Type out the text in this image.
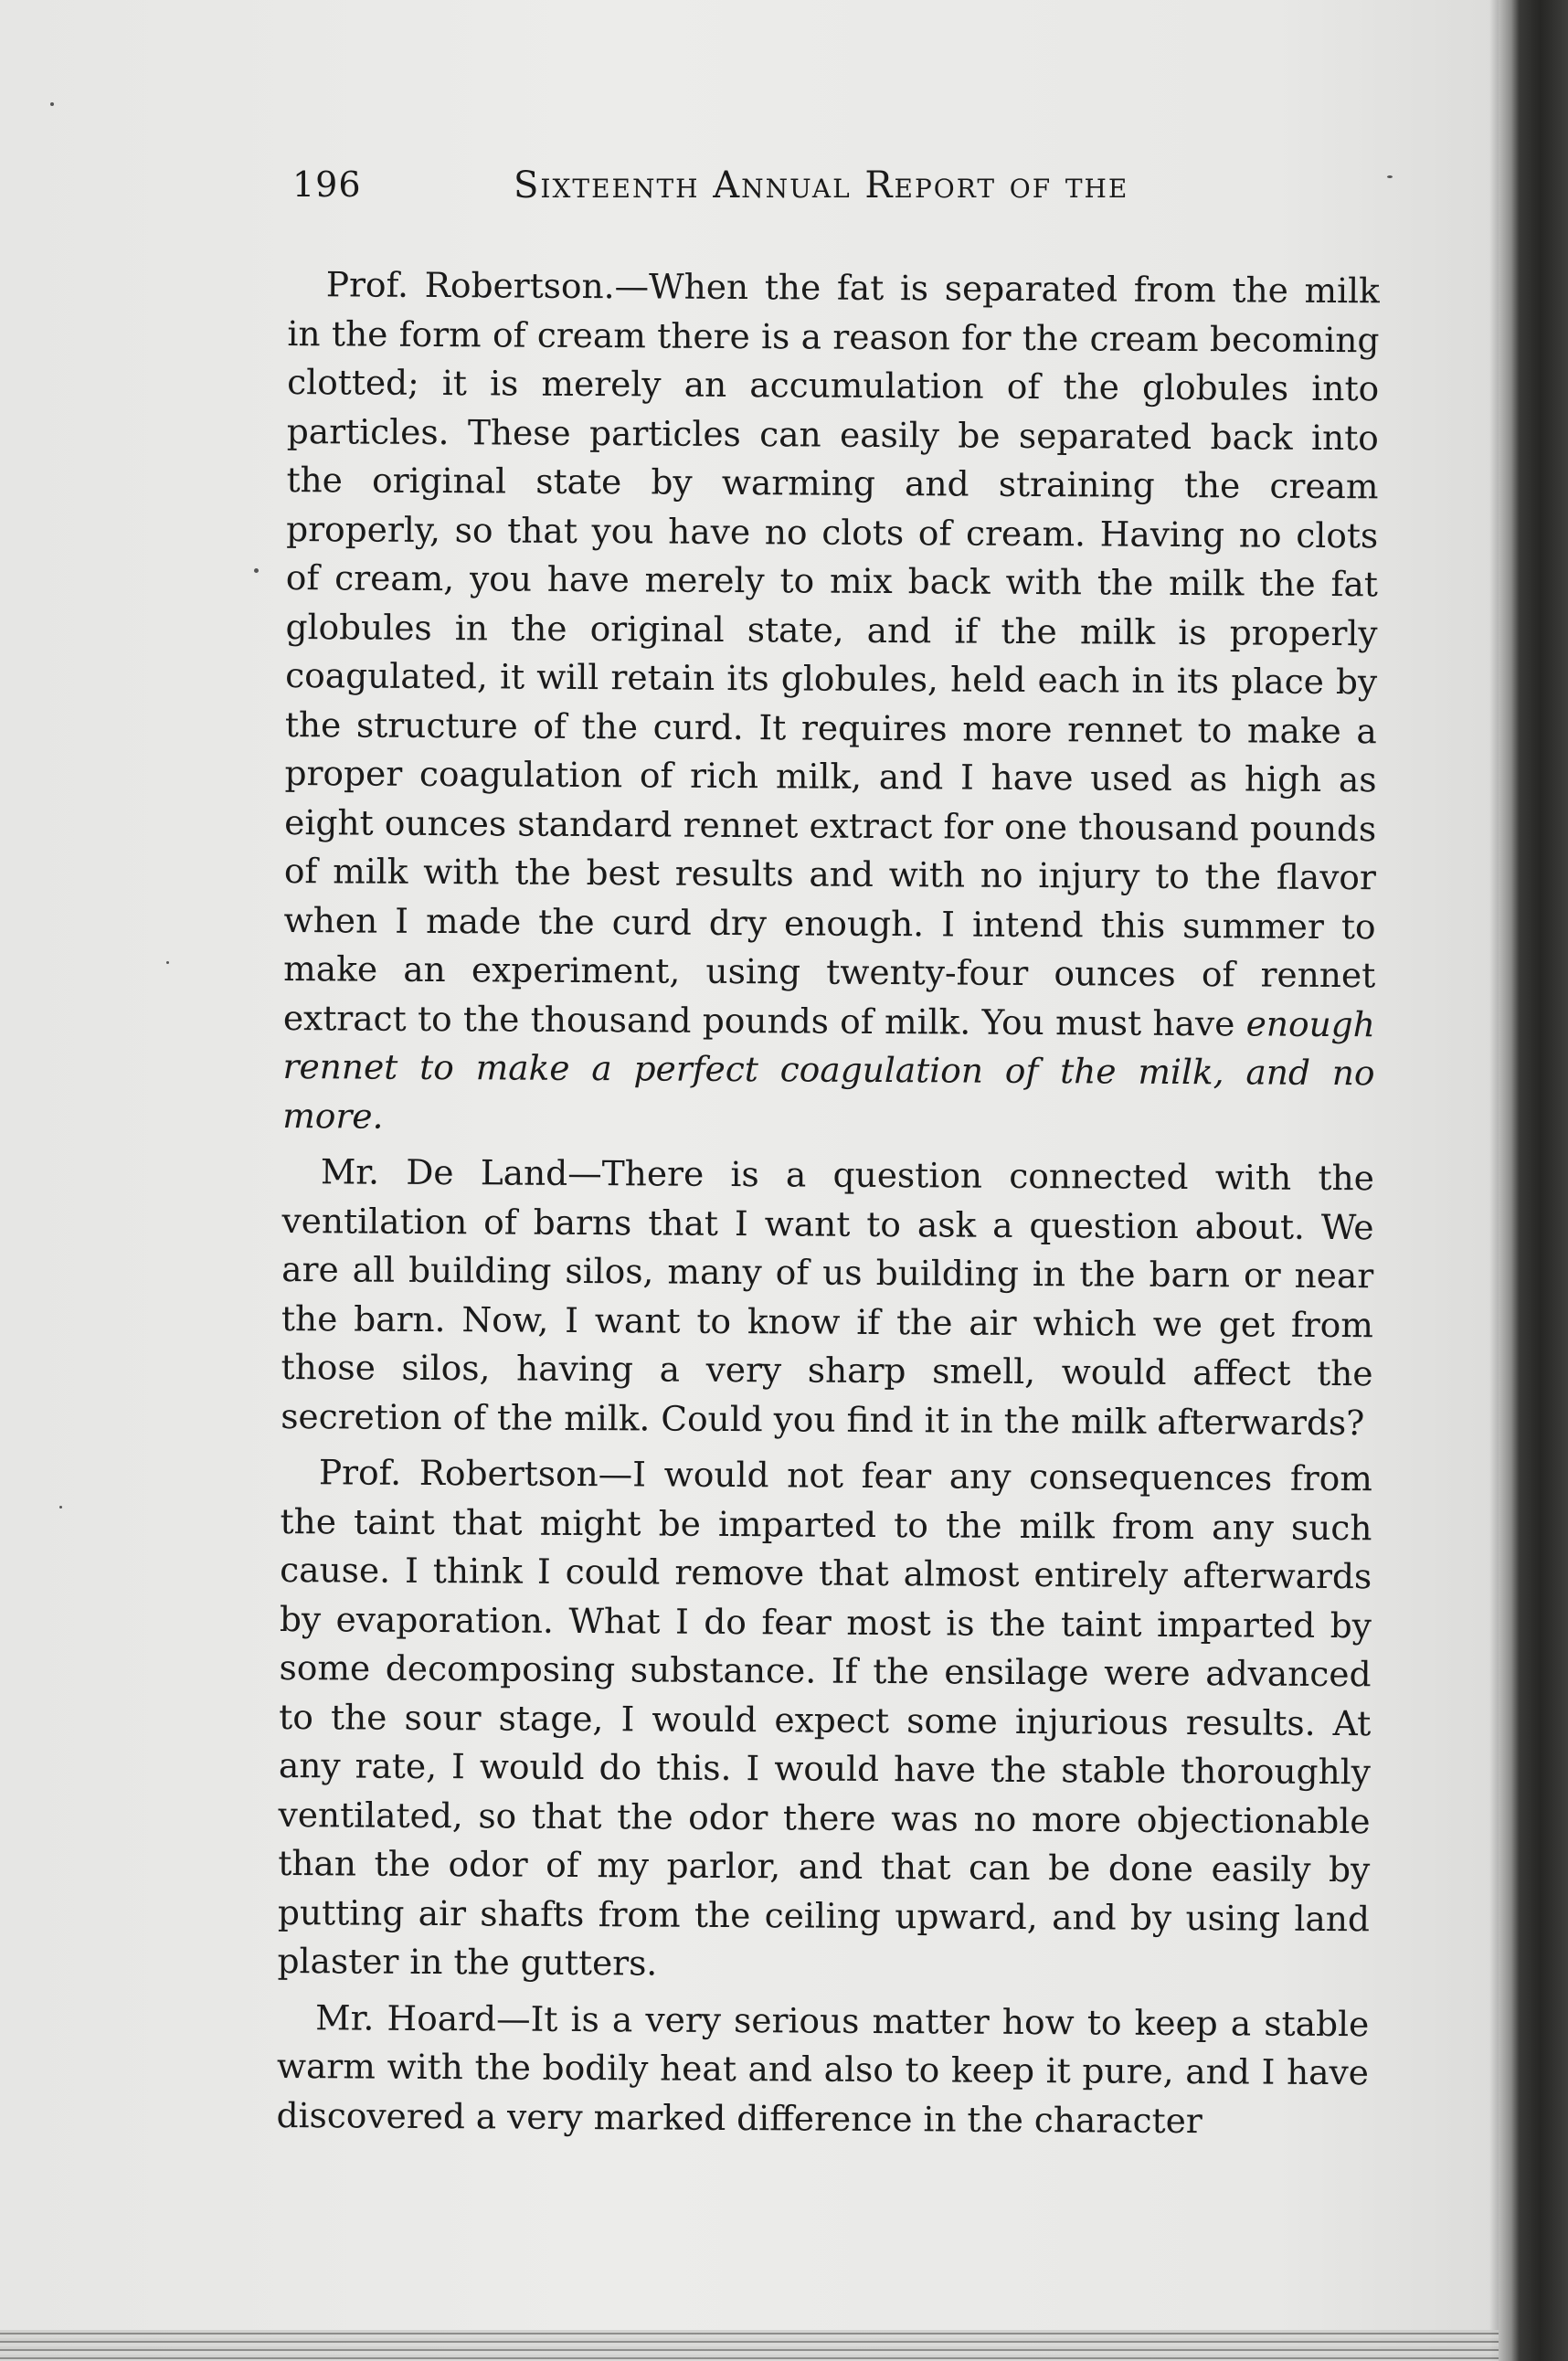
196	Sixteenth Annual Report of the

Prof. Robertson.—When the fat is separated from the milk in the form of cream there is a reason for the cream becoming clotted; it is merely an accumulation of the globules into particles. These particles can easily be separated back into the original state by warming and straining the cream properly, so that you have no clots of cream. Having no clots of cream, you have merely to mix back with the milk the fat globules in the original state, and if the milk is properly coagulated, it will retain its globules, held each in its place by the structure of the curd. It requires more rennet to make a proper coagulation of rich milk, and I have used as high as eight ounces standard rennet extract for one thousand pounds of milk with the best results and with no injury to the flavor when I made the curd dry enough. I intend this summer to make an experiment, using twenty-four ounces of rennet extract to the thousand pounds of milk. You must have enough rennet to make a perfect coagulation of the milk, and no more.

Mr. De Land—There is a question connected with the ventilation of barns that I want to ask a question about. We are all building silos, many of us building in the barn or near the barn. Now, I want to know if the air which we get from those silos, having a very sharp smell, would affect the secretion of the milk. Could you find it in the milk afterwards?

Prof. Robertson—I would not fear any consequences from the taint that might be imparted to the milk from any such cause. I think I could remove that almost entirely afterwards by evaporation. What I do fear most is the taint imparted by some decomposing substance. If the ensilage were advanced to the sour stage, I would expect some injurious results. At any rate, I would do this. I would have the stable thoroughly ventilated, so that the odor there was no more objectionable than the odor of my parlor, and that can be done easily by putting air shafts from the ceiling upward, and by using land plaster in the gutters.

Mr. Hoard—It is a very serious matter how to keep a stable warm with the bodily heat and also to keep it pure, and I have discovered a very marked difference in the character
